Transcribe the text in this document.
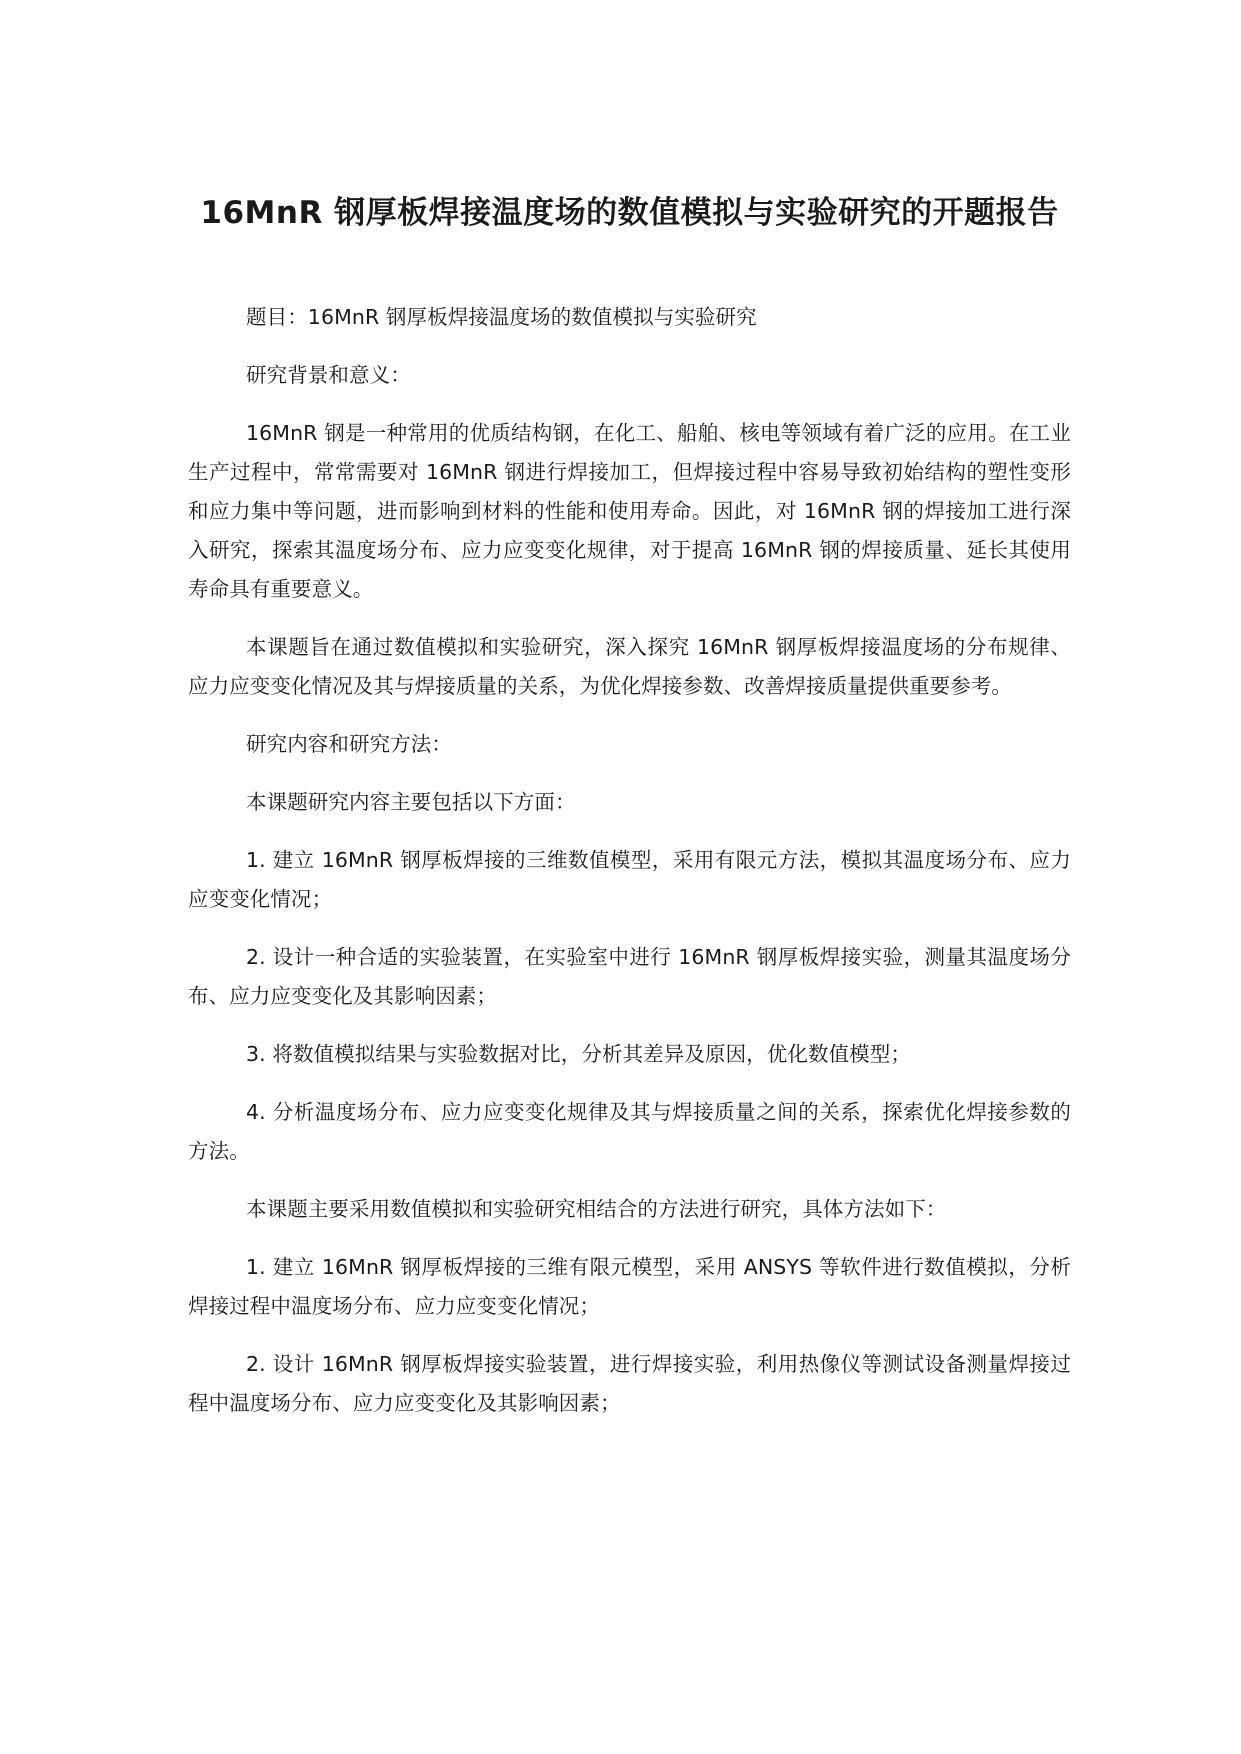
16MnR 钢厚板焊接温度场的数值模拟与实验研究的开题报告

题目：16MnR 钢厚板焊接温度场的数值模拟与实验研究

研究背景和意义：

16MnR 钢是一种常用的优质结构钢，在化工、船舶、核电等领域有着广泛的应用。在工业生产过程中，常常需要对 16MnR 钢进行焊接加工，但焊接过程中容易导致初始结构的塑性变形和应力集中等问题，进而影响到材料的性能和使用寿命。因此，对 16MnR 钢的焊接加工进行深入研究，探索其温度场分布、应力应变变化规律，对于提高 16MnR 钢的焊接质量、延长其使用寿命具有重要意义。

本课题旨在通过数值模拟和实验研究，深入探究 16MnR 钢厚板焊接温度场的分布规律、应力应变变化情况及其与焊接质量的关系，为优化焊接参数、改善焊接质量提供重要参考。

研究内容和研究方法：

本课题研究内容主要包括以下方面：

1. 建立 16MnR 钢厚板焊接的三维数值模型，采用有限元方法，模拟其温度场分布、应力应变变化情况；

2. 设计一种合适的实验装置，在实验室中进行 16MnR 钢厚板焊接实验，测量其温度场分布、应力应变变化及其影响因素；

3. 将数值模拟结果与实验数据对比，分析其差异及原因，优化数值模型；

4. 分析温度场分布、应力应变变化规律及其与焊接质量之间的关系，探索优化焊接参数的方法。

本课题主要采用数值模拟和实验研究相结合的方法进行研究，具体方法如下：

1. 建立 16MnR 钢厚板焊接的三维有限元模型，采用 ANSYS 等软件进行数值模拟，分析焊接过程中温度场分布、应力应变变化情况；

2. 设计 16MnR 钢厚板焊接实验装置，进行焊接实验，利用热像仪等测试设备测量焊接过程中温度场分布、应力应变变化及其影响因素；
